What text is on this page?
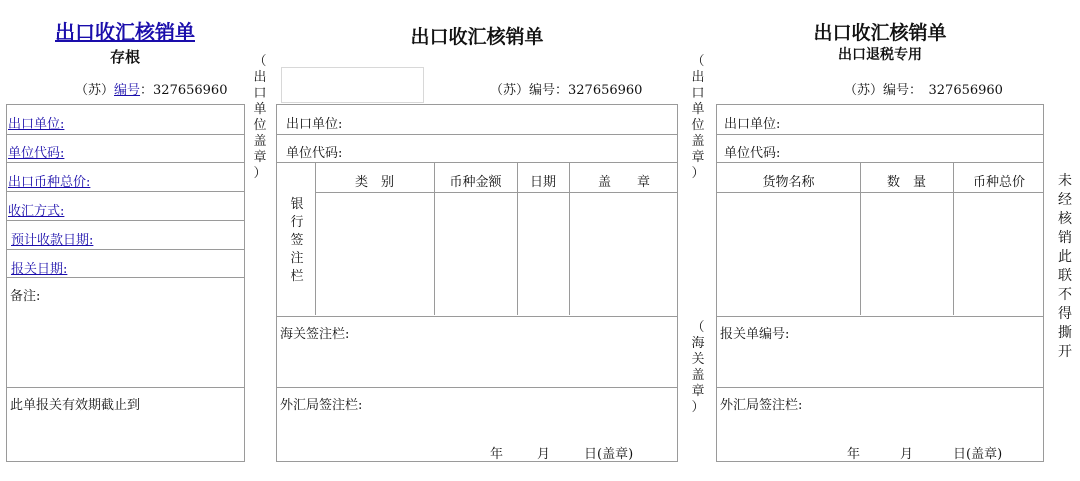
出口收汇核销单
存根
（苏）编号：327656960
出口单位:
单位代码:
出口币种总价:
收汇方式:
预计收款日期:
报关日期:
备注:
此单报关有效期截止到
（
出
口
单
位
盖
章
）
出口收汇核销单
（苏）编号：327656960
出口单位:
单位代码:
银
行
签
注
栏
类　别	币种金额	日期	盖　　章
海关签注栏:
外汇局签注栏:
年	月	日(盖章)
（
出
口
单
位
盖
章
）
（
海
关
盖
章
）
出口收汇核销单
出口退税专用
（苏）编号：　327656960
出口单位:
单位代码:
货物名称	数　量	币种总价
报关单编号:
外汇局签注栏:
年	月	日(盖章)
未
经
核
销
此
联
不
得
撕
开
